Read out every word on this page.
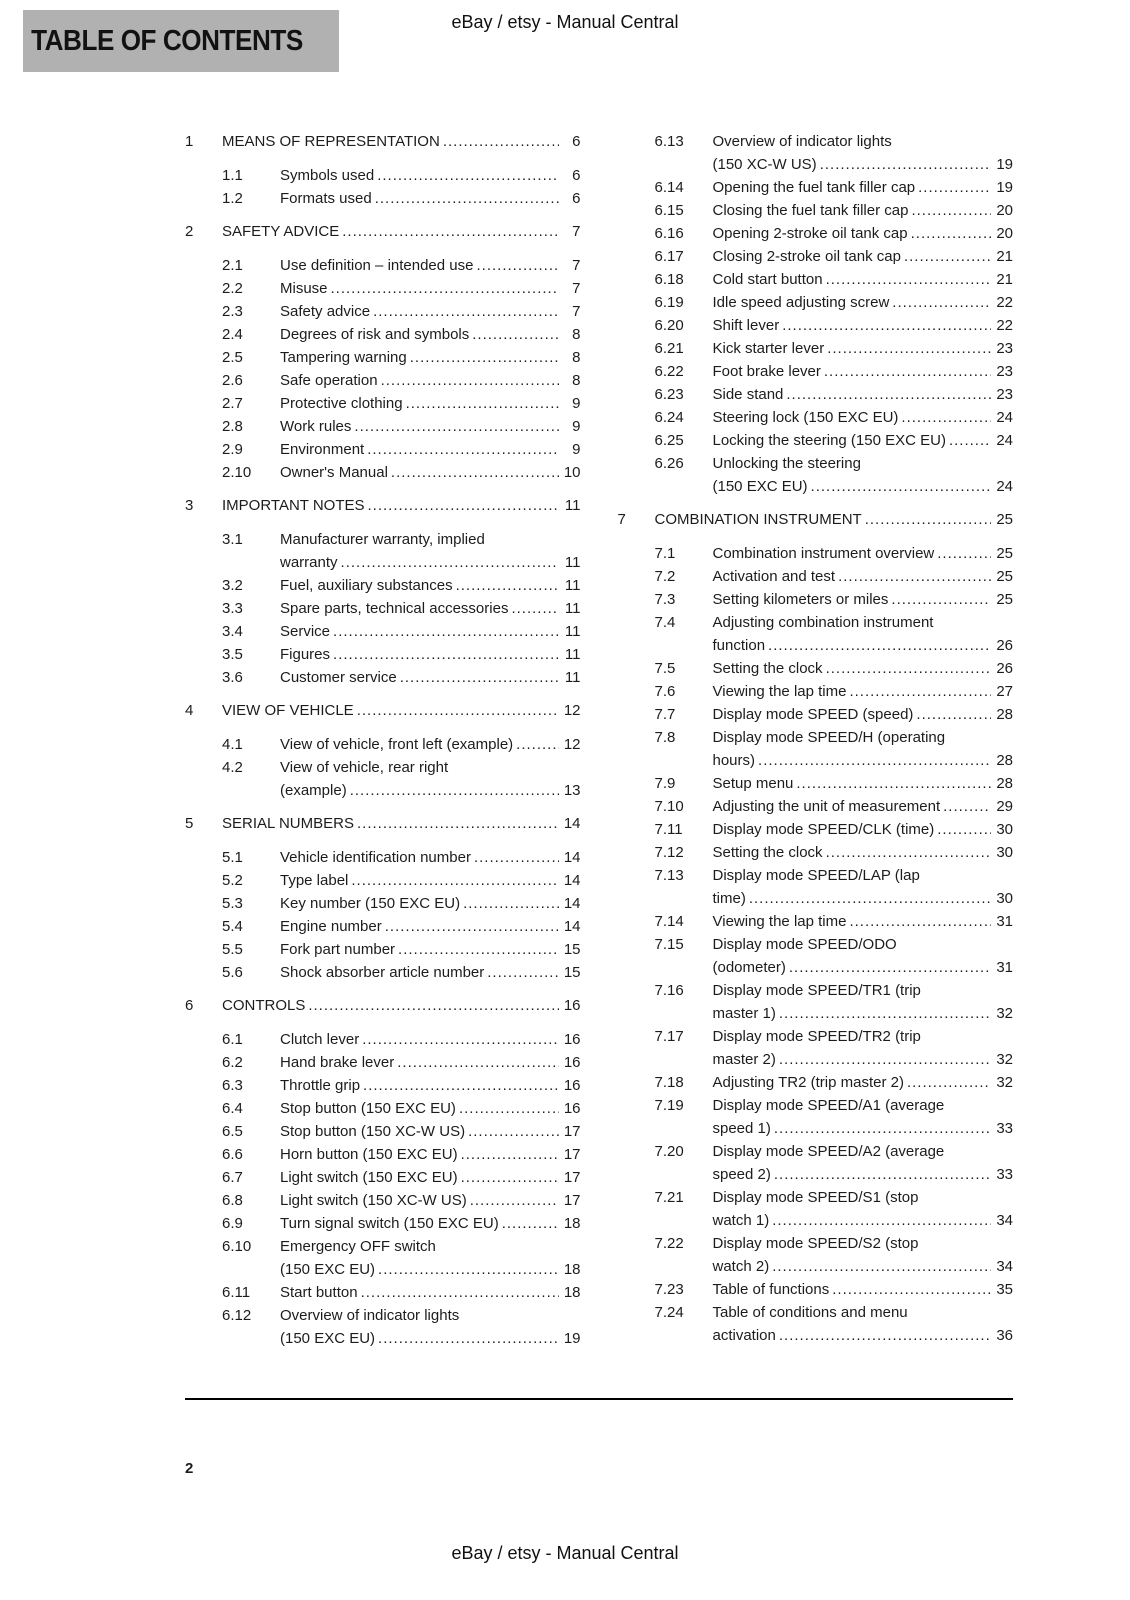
TABLE OF CONTENTS
eBay / etsy - Manual Central
1	MEANS OF REPRESENTATION .....	6
1.1	Symbols used .....	6
1.2	Formats used .....	6
2	SAFETY ADVICE .....	7
2.1	Use definition – intended use .....	7
2.2	Misuse .....	7
2.3	Safety advice .....	7
2.4	Degrees of risk and symbols .....	8
2.5	Tampering warning .....	8
2.6	Safe operation .....	8
2.7	Protective clothing .....	9
2.8	Work rules .....	9
2.9	Environment .....	9
2.10	Owner's Manual .....	10
3	IMPORTANT NOTES .....	11
3.1	Manufacturer warranty, implied
warranty .....	11
3.2	Fuel, auxiliary substances .....	11
3.3	Spare parts, technical accessories .....	11
3.4	Service .....	11
3.5	Figures .....	11
3.6	Customer service .....	11
4	VIEW OF VEHICLE .....	12
4.1	View of vehicle, front left (example) .....	12
4.2	View of vehicle, rear right
(example) .....	13
5	SERIAL NUMBERS .....	14
5.1	Vehicle identification number .....	14
5.2	Type label .....	14
5.3	Key number (150 EXC EU) .....	14
5.4	Engine number .....	14
5.5	Fork part number .....	15
5.6	Shock absorber article number .....	15
6	CONTROLS .....	16
6.1	Clutch lever .....	16
6.2	Hand brake lever .....	16
6.3	Throttle grip .....	16
6.4	Stop button (150 EXC EU) .....	16
6.5	Stop button (150 XC-W US) .....	17
6.6	Horn button (150 EXC EU) .....	17
6.7	Light switch (150 EXC EU) .....	17
6.8	Light switch (150 XC-W US) .....	17
6.9	Turn signal switch (150 EXC EU) .....	18
6.10	Emergency OFF switch
(150 EXC EU) .....	18
6.11	Start button .....	18
6.12	Overview of indicator lights
(150 EXC EU) .....	19
6.13	Overview of indicator lights
(150 XC-W US) .....	19
6.14	Opening the fuel tank filler cap .....	19
6.15	Closing the fuel tank filler cap .....	20
6.16	Opening 2-stroke oil tank cap .....	20
6.17	Closing 2-stroke oil tank cap .....	21
6.18	Cold start button .....	21
6.19	Idle speed adjusting screw .....	22
6.20	Shift lever .....	22
6.21	Kick starter lever .....	23
6.22	Foot brake lever .....	23
6.23	Side stand .....	23
6.24	Steering lock (150 EXC EU) .....	24
6.25	Locking the steering (150 EXC EU) .....	24
6.26	Unlocking the steering
(150 EXC EU) .....	24
7	COMBINATION INSTRUMENT .....	25
7.1	Combination instrument overview .....	25
7.2	Activation and test .....	25
7.3	Setting kilometers or miles .....	25
7.4	Adjusting combination instrument
function .....	26
7.5	Setting the clock .....	26
7.6	Viewing the lap time .....	27
7.7	Display mode SPEED (speed) .....	28
7.8	Display mode SPEED/H (operating
hours) .....	28
7.9	Setup menu .....	28
7.10	Adjusting the unit of measurement .....	29
7.11	Display mode SPEED/CLK (time) .....	30
7.12	Setting the clock .....	30
7.13	Display mode SPEED/LAP (lap
time) .....	30
7.14	Viewing the lap time .....	31
7.15	Display mode SPEED/ODO
(odometer) .....	31
7.16	Display mode SPEED/TR1 (trip
master 1) .....	32
7.17	Display mode SPEED/TR2 (trip
master 2) .....	32
7.18	Adjusting TR2 (trip master 2) .....	32
7.19	Display mode SPEED/A1 (average
speed 1) .....	33
7.20	Display mode SPEED/A2 (average
speed 2) .....	33
7.21	Display mode SPEED/S1 (stop
watch 1) .....	34
7.22	Display mode SPEED/S2 (stop
watch 2) .....	34
7.23	Table of functions .....	35
7.24	Table of conditions and menu
activation .....	36
2
eBay / etsy - Manual Central
